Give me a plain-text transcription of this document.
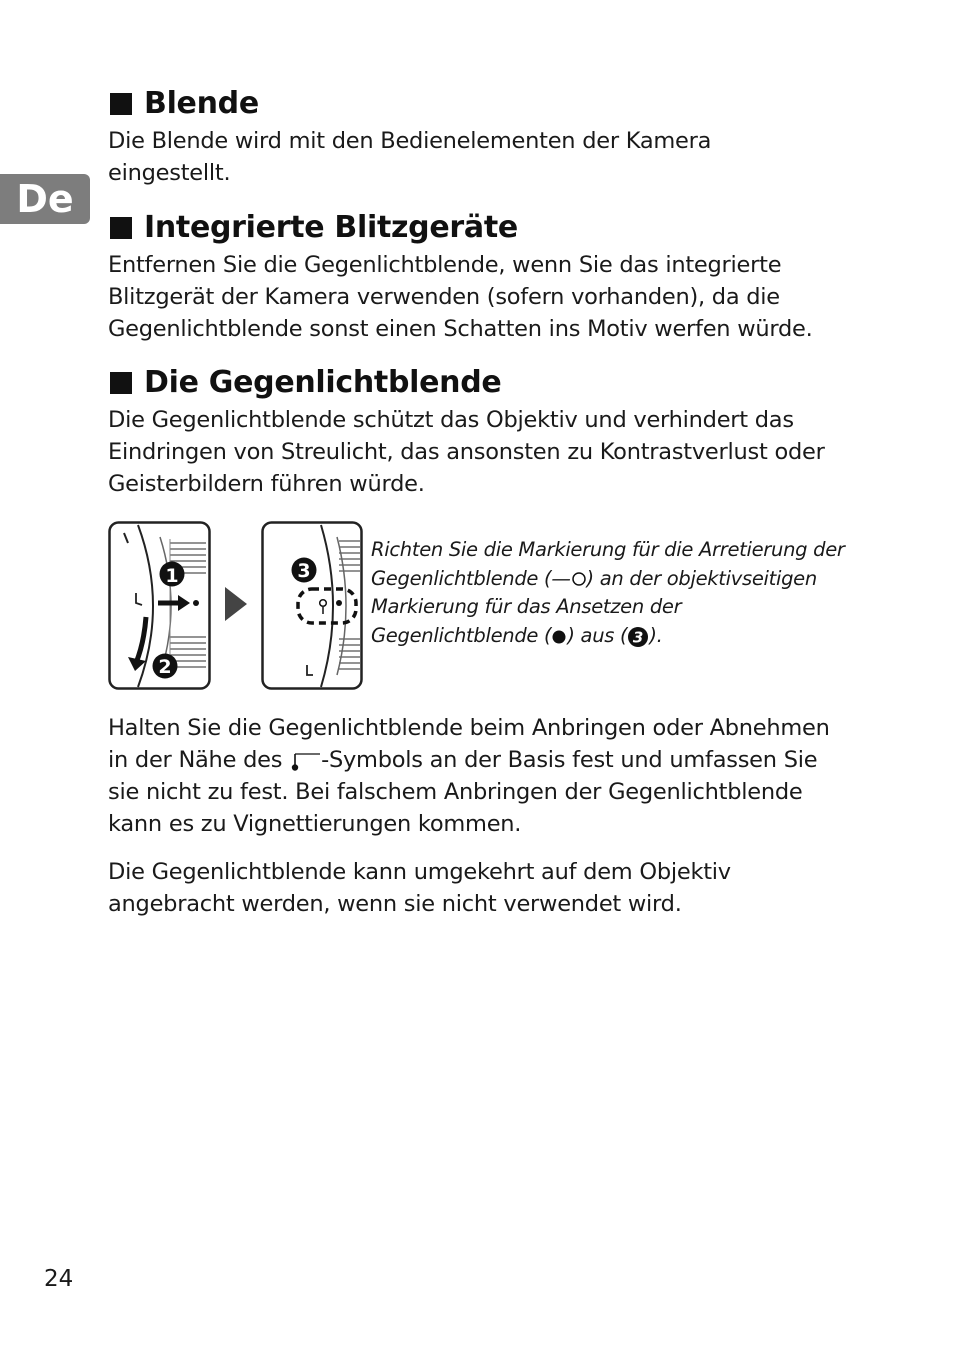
De
Blende

Die Blende wird mit den Bedienelementen der Kamera eingestellt.

Integrierte Blitzgeräte

Entfernen Sie die Gegenlichtblende, wenn Sie das integrierte Blitzgerät der Kamera verwenden (sofern vorhanden), da die Gegenlichtblende sonst einen Schatten ins Motiv werfen würde.

Die Gegenlichtblende

Die Gegenlichtblende schützt das Objektiv und verhindert das Eindringen von Streulicht, das ansonsten zu Kontrastverlust oder Geisterbildern führen würde.

1
2
3

Richten Sie die Markierung für die Arretierung der Gegenlichtblende (— ) an der objektivseitigen Markierung für das Ansetzen der Gegenlichtblende ( ) aus ( 3 ).

Halten Sie die Gegenlichtblende beim Anbringen oder Abnehmen in der Nähe des -Symbols an der Basis fest und umfassen Sie sie nicht zu fest. Bei falschem Anbringen der Gegenlichtblende kann es zu Vignettierungen kommen.

Die Gegenlichtblende kann umgekehrt auf dem Objektiv angebracht werden, wenn sie nicht verwendet wird.

24
